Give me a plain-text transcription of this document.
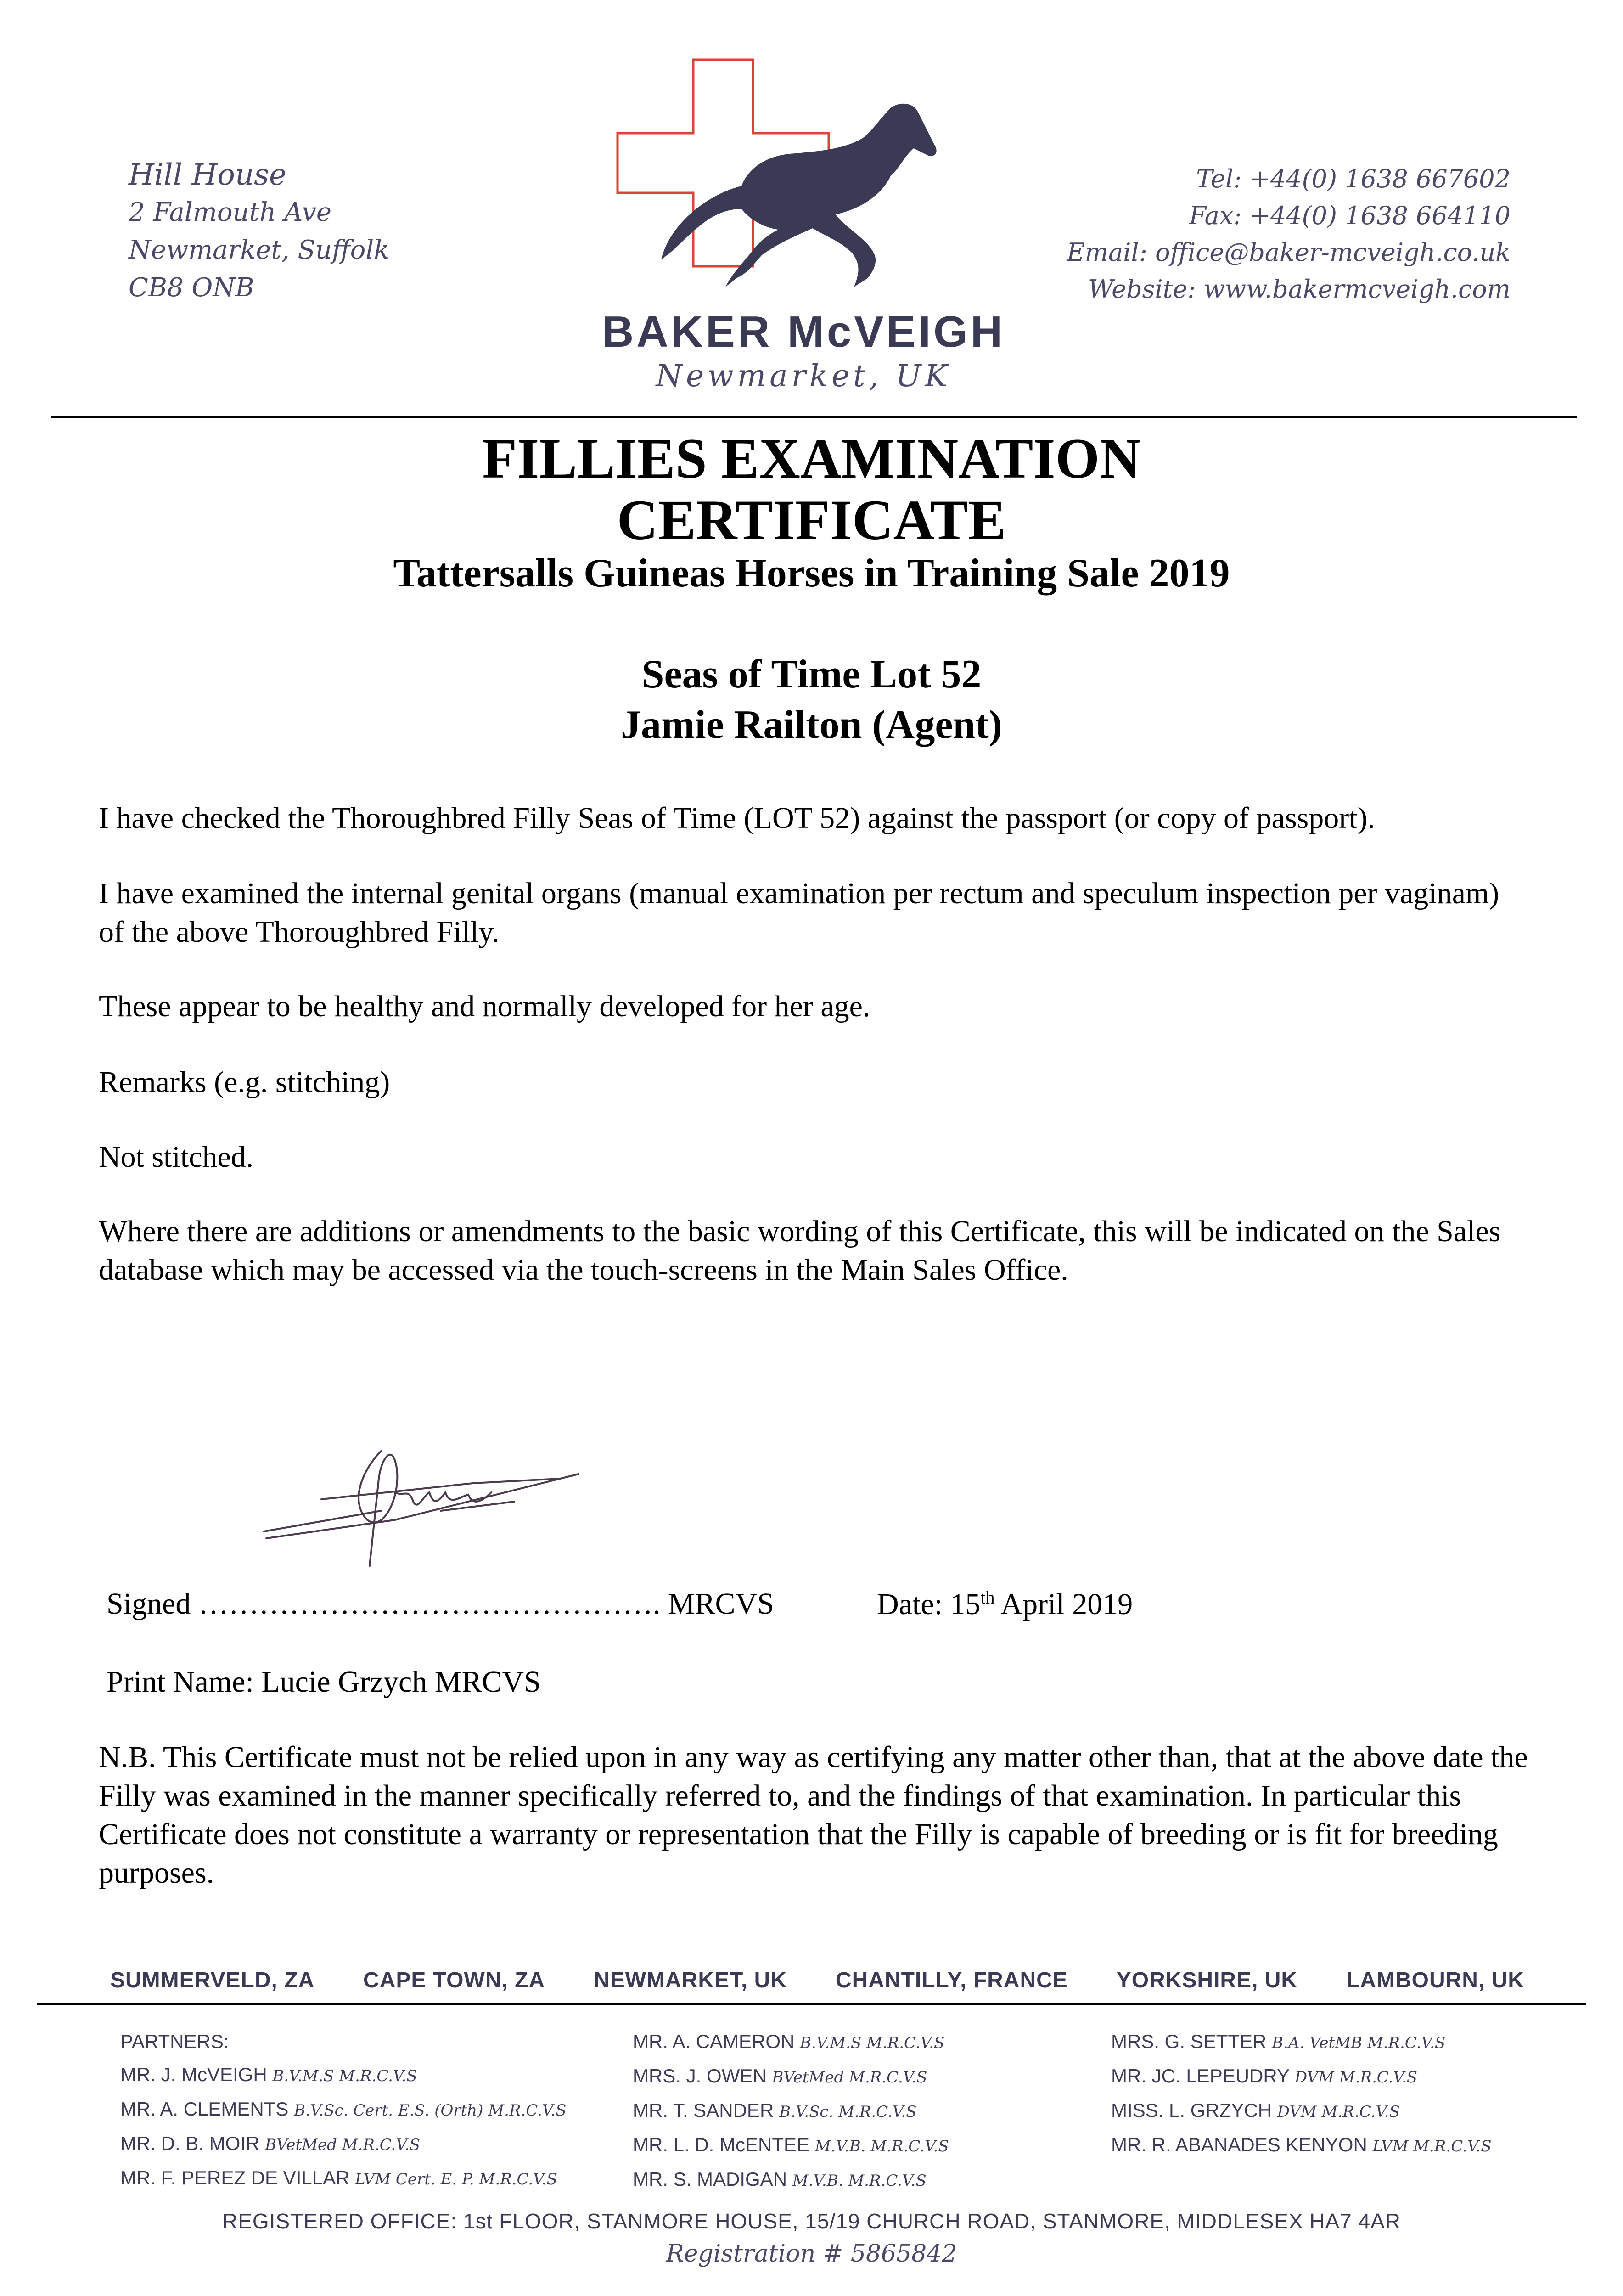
Hill House
2 Falmouth Ave
Newmarket, Suffolk
CB8 ONB
BAKER McVEIGH
Newmarket, UK
Tel: +44(0) 1638 667602
Fax: +44(0) 1638 664110
Email: office@baker-mcveigh.co.uk
Website: www.bakermcveigh.com
FILLIES EXAMINATION
CERTIFICATE
Tattersalls Guineas Horses in Training Sale 2019
Seas of Time Lot 52
Jamie Railton (Agent)
I have checked the Thoroughbred Filly Seas of Time (LOT 52) against the passport (or copy of passport).
I have examined the internal genital organs (manual examination per rectum and speculum inspection per vaginam) of the above Thoroughbred Filly.
These appear to be healthy and normally developed for her age.
Remarks (e.g. stitching)
Not stitched.
Where there are additions or amendments to the basic wording of this Certificate, this will be indicated on the Sales database which may be accessed via the touch-screens in the Main Sales Office.
Signed ………………………………………. MRCVS	Date: 15th April 2019
Print Name: Lucie Grzych MRCVS
N.B. This Certificate must not be relied upon in any way as certifying any matter other than, that at the above date the Filly was examined in the manner specifically referred to, and the findings of that examination. In particular this Certificate does not constitute a warranty or representation that the Filly is capable of breeding or is fit for breeding purposes.
SUMMERVELD, ZA CAPE TOWN, ZA NEWMARKET, UK CHANTILLY, FRANCE YORKSHIRE, UK LAMBOURN, UK
PARTNERS:
MR. J. McVEIGH B.V.M.S M.R.C.V.S
MR. A. CLEMENTS B.V.Sc. Cert. E.S. (Orth) M.R.C.V.S
MR. D. B. MOIR BVetMed M.R.C.V.S
MR. F. PEREZ DE VILLAR LVM Cert. E. P. M.R.C.V.S
MR. A. CAMERON B.V.M.S M.R.C.V.S
MRS. J. OWEN BVetMed M.R.C.V.S
MR. T. SANDER B.V.Sc. M.R.C.V.S
MR. L. D. McENTEE M.V.B. M.R.C.V.S
MR. S. MADIGAN M.V.B. M.R.C.V.S
MRS. G. SETTER B.A. VetMB M.R.C.V.S
MR. JC. LEPEUDRY DVM M.R.C.V.S
MISS. L. GRZYCH DVM M.R.C.V.S
MR. R. ABANADES KENYON LVM M.R.C.V.S
REGISTERED OFFICE: 1st FLOOR, STANMORE HOUSE, 15/19 CHURCH ROAD, STANMORE, MIDDLESEX HA7 4AR
Registration # 5865842
